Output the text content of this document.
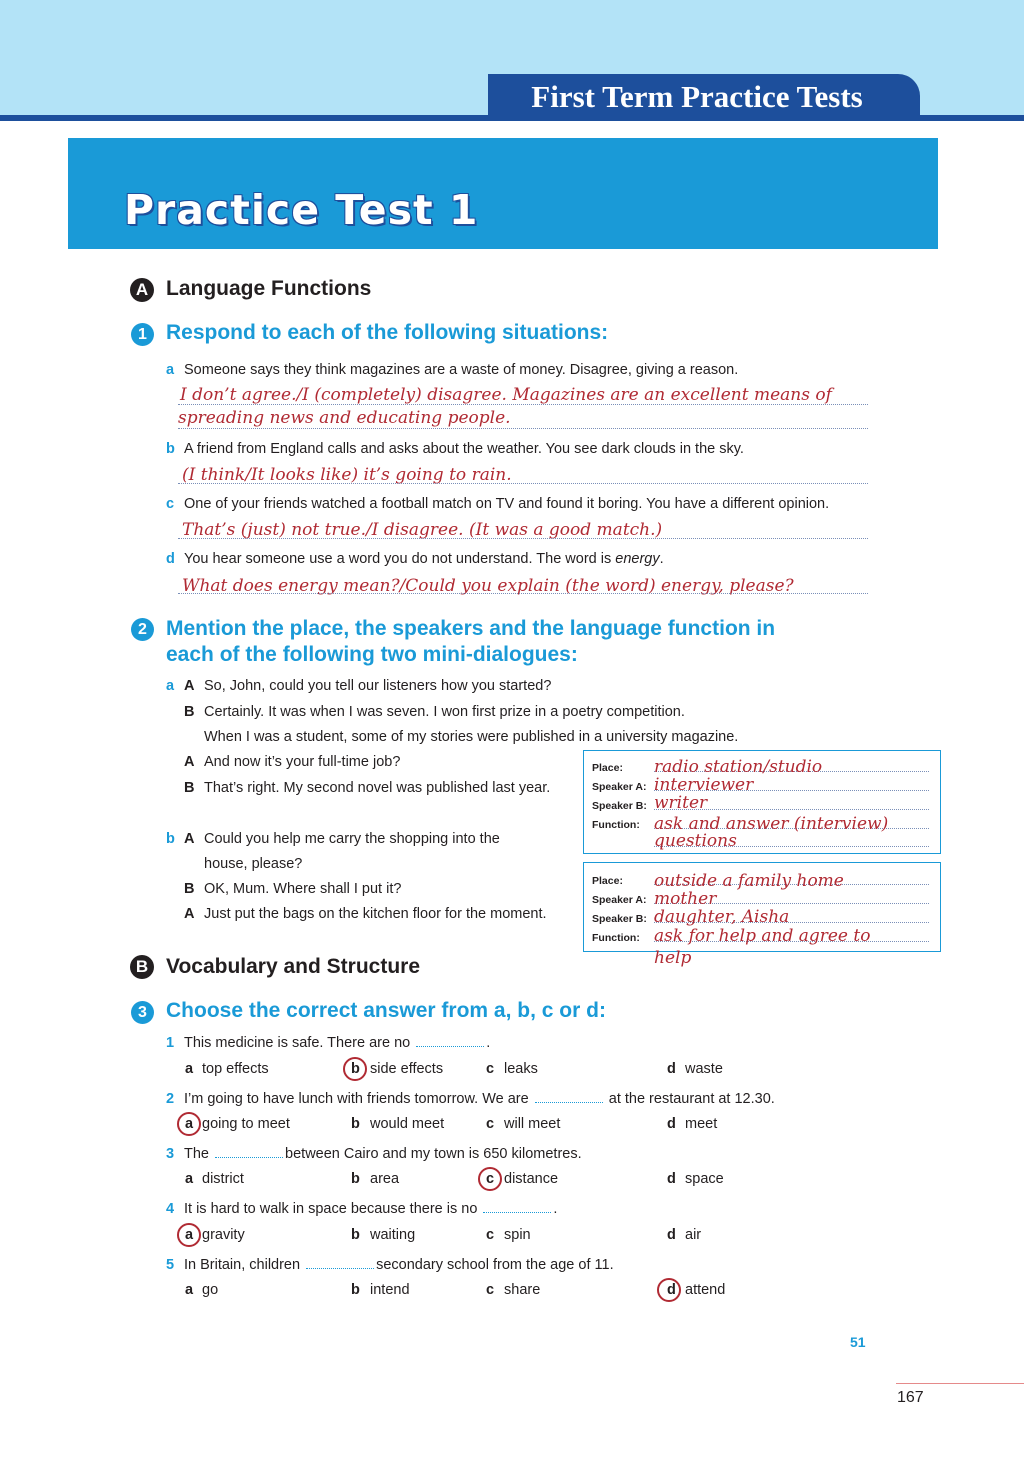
First Term Practice Tests
Practice Test 1
A Language Functions
1 Respond to each of the following situations:
a Someone says they think magazines are a waste of money. Disagree, giving a reason.
I don’t agree./I (completely) disagree. Magazines are an excellent means of
spreading news and educating people.
b A friend from England calls and asks about the weather. You see dark clouds in the sky.
(I think/It looks like) it’s going to rain.
c One of your friends watched a football match on TV and found it boring. You have a different opinion.
That’s (just) not true./I disagree. (It was a good match.)
d You hear someone use a word you do not understand. The word is energy.
What does energy mean?/Could you explain (the word) energy, please?
2 Mention the place, the speakers and the language function in
each of the following two mini-dialogues:
a A So, John, could you tell our listeners how you started?
B Certainly. It was when I was seven. I won first prize in a poetry competition.
When I was a student, some of my stories were published in a university magazine.
A And now it’s your full-time job?
B That’s right. My second novel was published last year.
b A Could you help me carry the shopping into the
house, please?
B OK, Mum. Where shall I put it?
A Just put the bags on the kitchen floor for the moment.
Place: radio station/studio
Speaker A: interviewer
Speaker B: writer
Function: ask and answer (interview)
questions
Place: outside a family home
Speaker A: mother
Speaker B: daughter, Aisha
Function: ask for help and agree to
help
B Vocabulary and Structure
3 Choose the correct answer from a, b, c or d:
1 This medicine is safe. There are no	.
a top effects	b side effects	c leaks	d waste
2 I’m going to have lunch with friends tomorrow. We are	at the restaurant at 12.30.
a going to meet	b would meet	c will meet	d meet
3 The	between Cairo and my town is 650 kilometres.
a district	b area	c distance	d space
4 It is hard to walk in space because there is no	.
a gravity	b waiting	c spin	d air
5 In Britain, children	secondary school from the age of 11.
a go	b intend	c share	d attend
51
167
